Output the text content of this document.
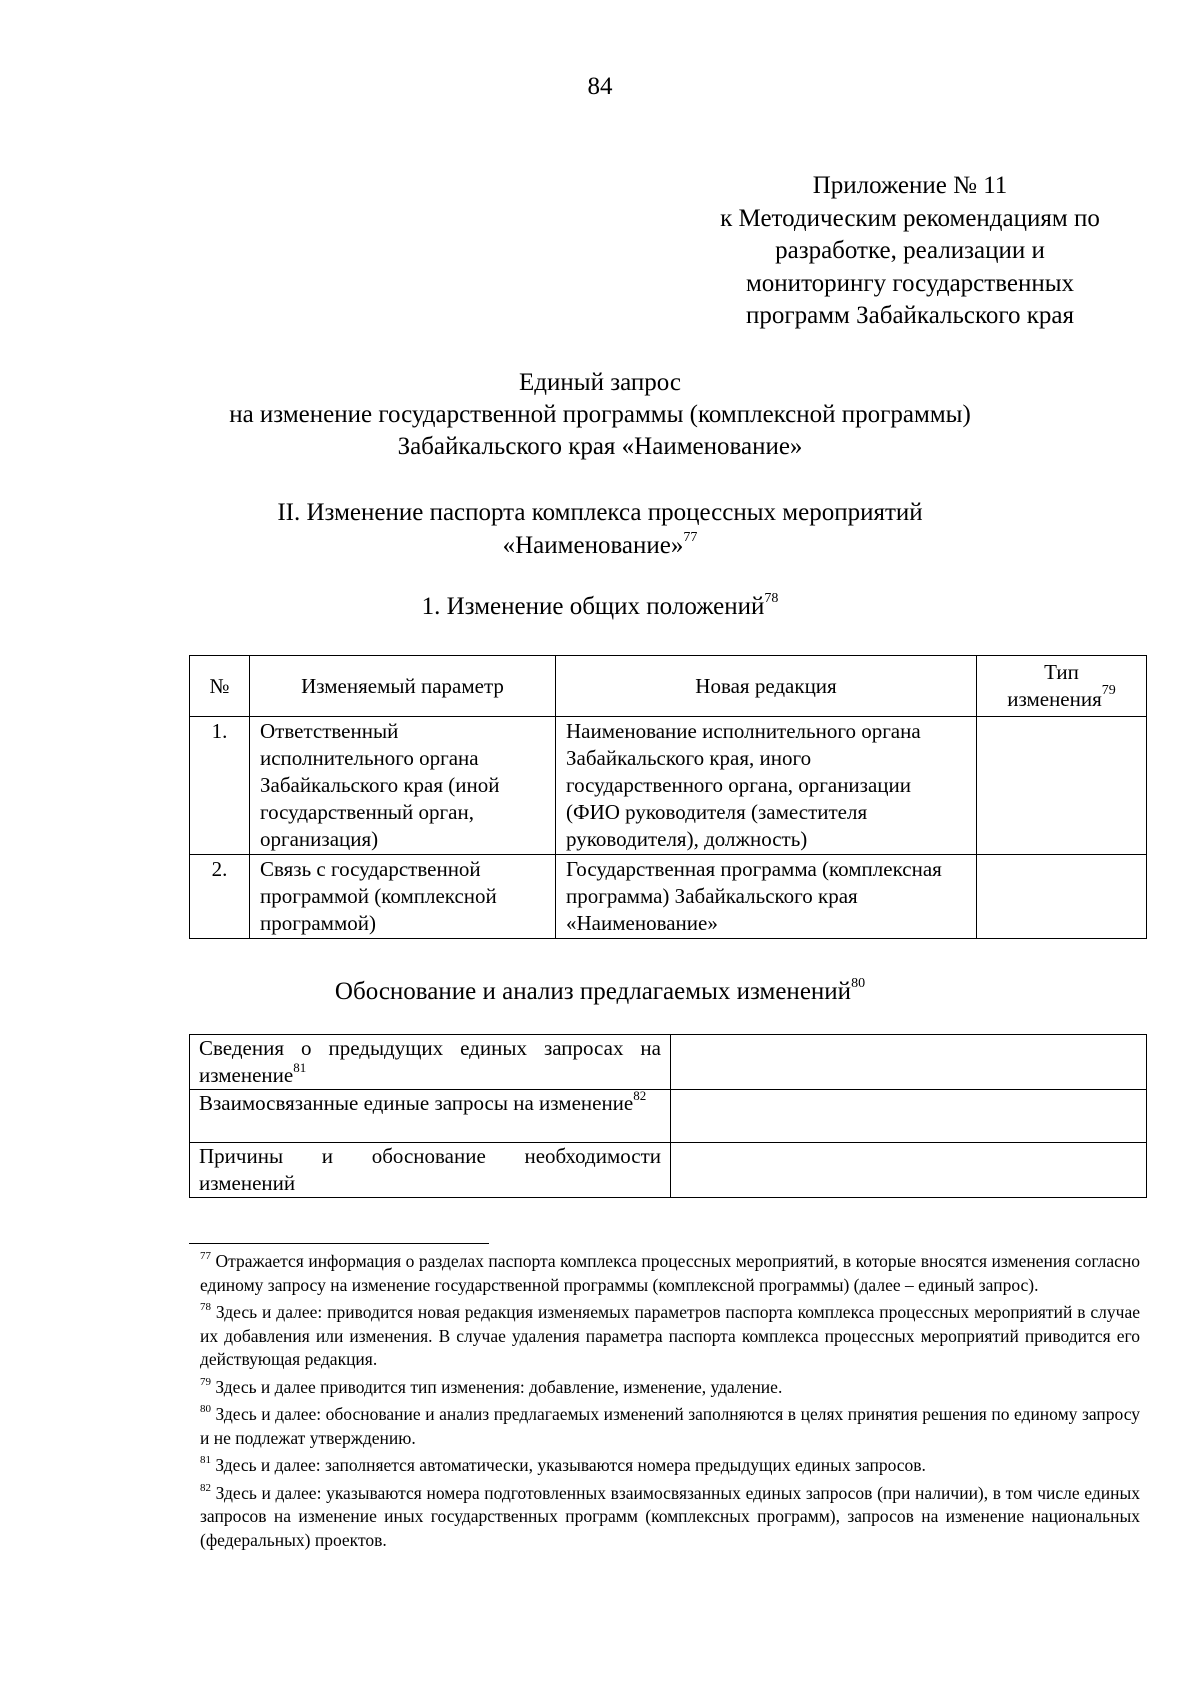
84
Приложение № 11
к Методическим рекомендациям по
разработке, реализации и
мониторингу государственных
программ Забайкальского края
Единый запрос
на изменение государственной программы (комплексной программы)
Забайкальского края «Наименование»
II. Изменение паспорта комплекса процессных мероприятий
«Наименование»$^{77}$
1. Изменение общих положений$^{78}$
№	Изменяемый параметр	Новая редакция	Тип
изменения$^{79}$

1.	Ответственный исполнительного органа Забайкальского края (иной государственный орган, организация)	Наименование исполнительного органа Забайкальского края, иного государственного органа, организации (ФИО руководителя (заместителя руководителя), должность)	
2.	Связь с государственной программой (комплексной программой)	Государственная программа (комплексная программа) Забайкальского края «Наименование»	
Обоснование и анализ предлагаемых изменений$^{80}$
Сведения о предыдущих единых запросах на изменение$^{81}$	
Взаимосвязанные единые запросы на изменение$^{82}$	
Причины и обоснование необходимости изменений	

$^{77}$ Отражается информация о разделах паспорта комплекса процессных мероприятий, в которые вносятся изменения согласно единому запросу на изменение государственной программы (комплексной программы) (далее – единый запрос).

$^{78}$ Здесь и далее: приводится новая редакция изменяемых параметров паспорта комплекса процессных мероприятий в случае их добавления или изменения. В случае удаления параметра паспорта комплекса процессных мероприятий приводится его действующая редакция.

$^{79}$ Здесь и далее приводится тип изменения: добавление, изменение, удаление.

$^{80}$ Здесь и далее: обоснование и анализ предлагаемых изменений заполняются в целях принятия решения по единому запросу и не подлежат утверждению.

$^{81}$ Здесь и далее: заполняется автоматически, указываются номера предыдущих единых запросов.

$^{82}$ Здесь и далее: указываются номера подготовленных взаимосвязанных единых запросов (при наличии), в том числе единых запросов на изменение иных государственных программ (комплексных программ), запросов на изменение национальных (федеральных) проектов.
